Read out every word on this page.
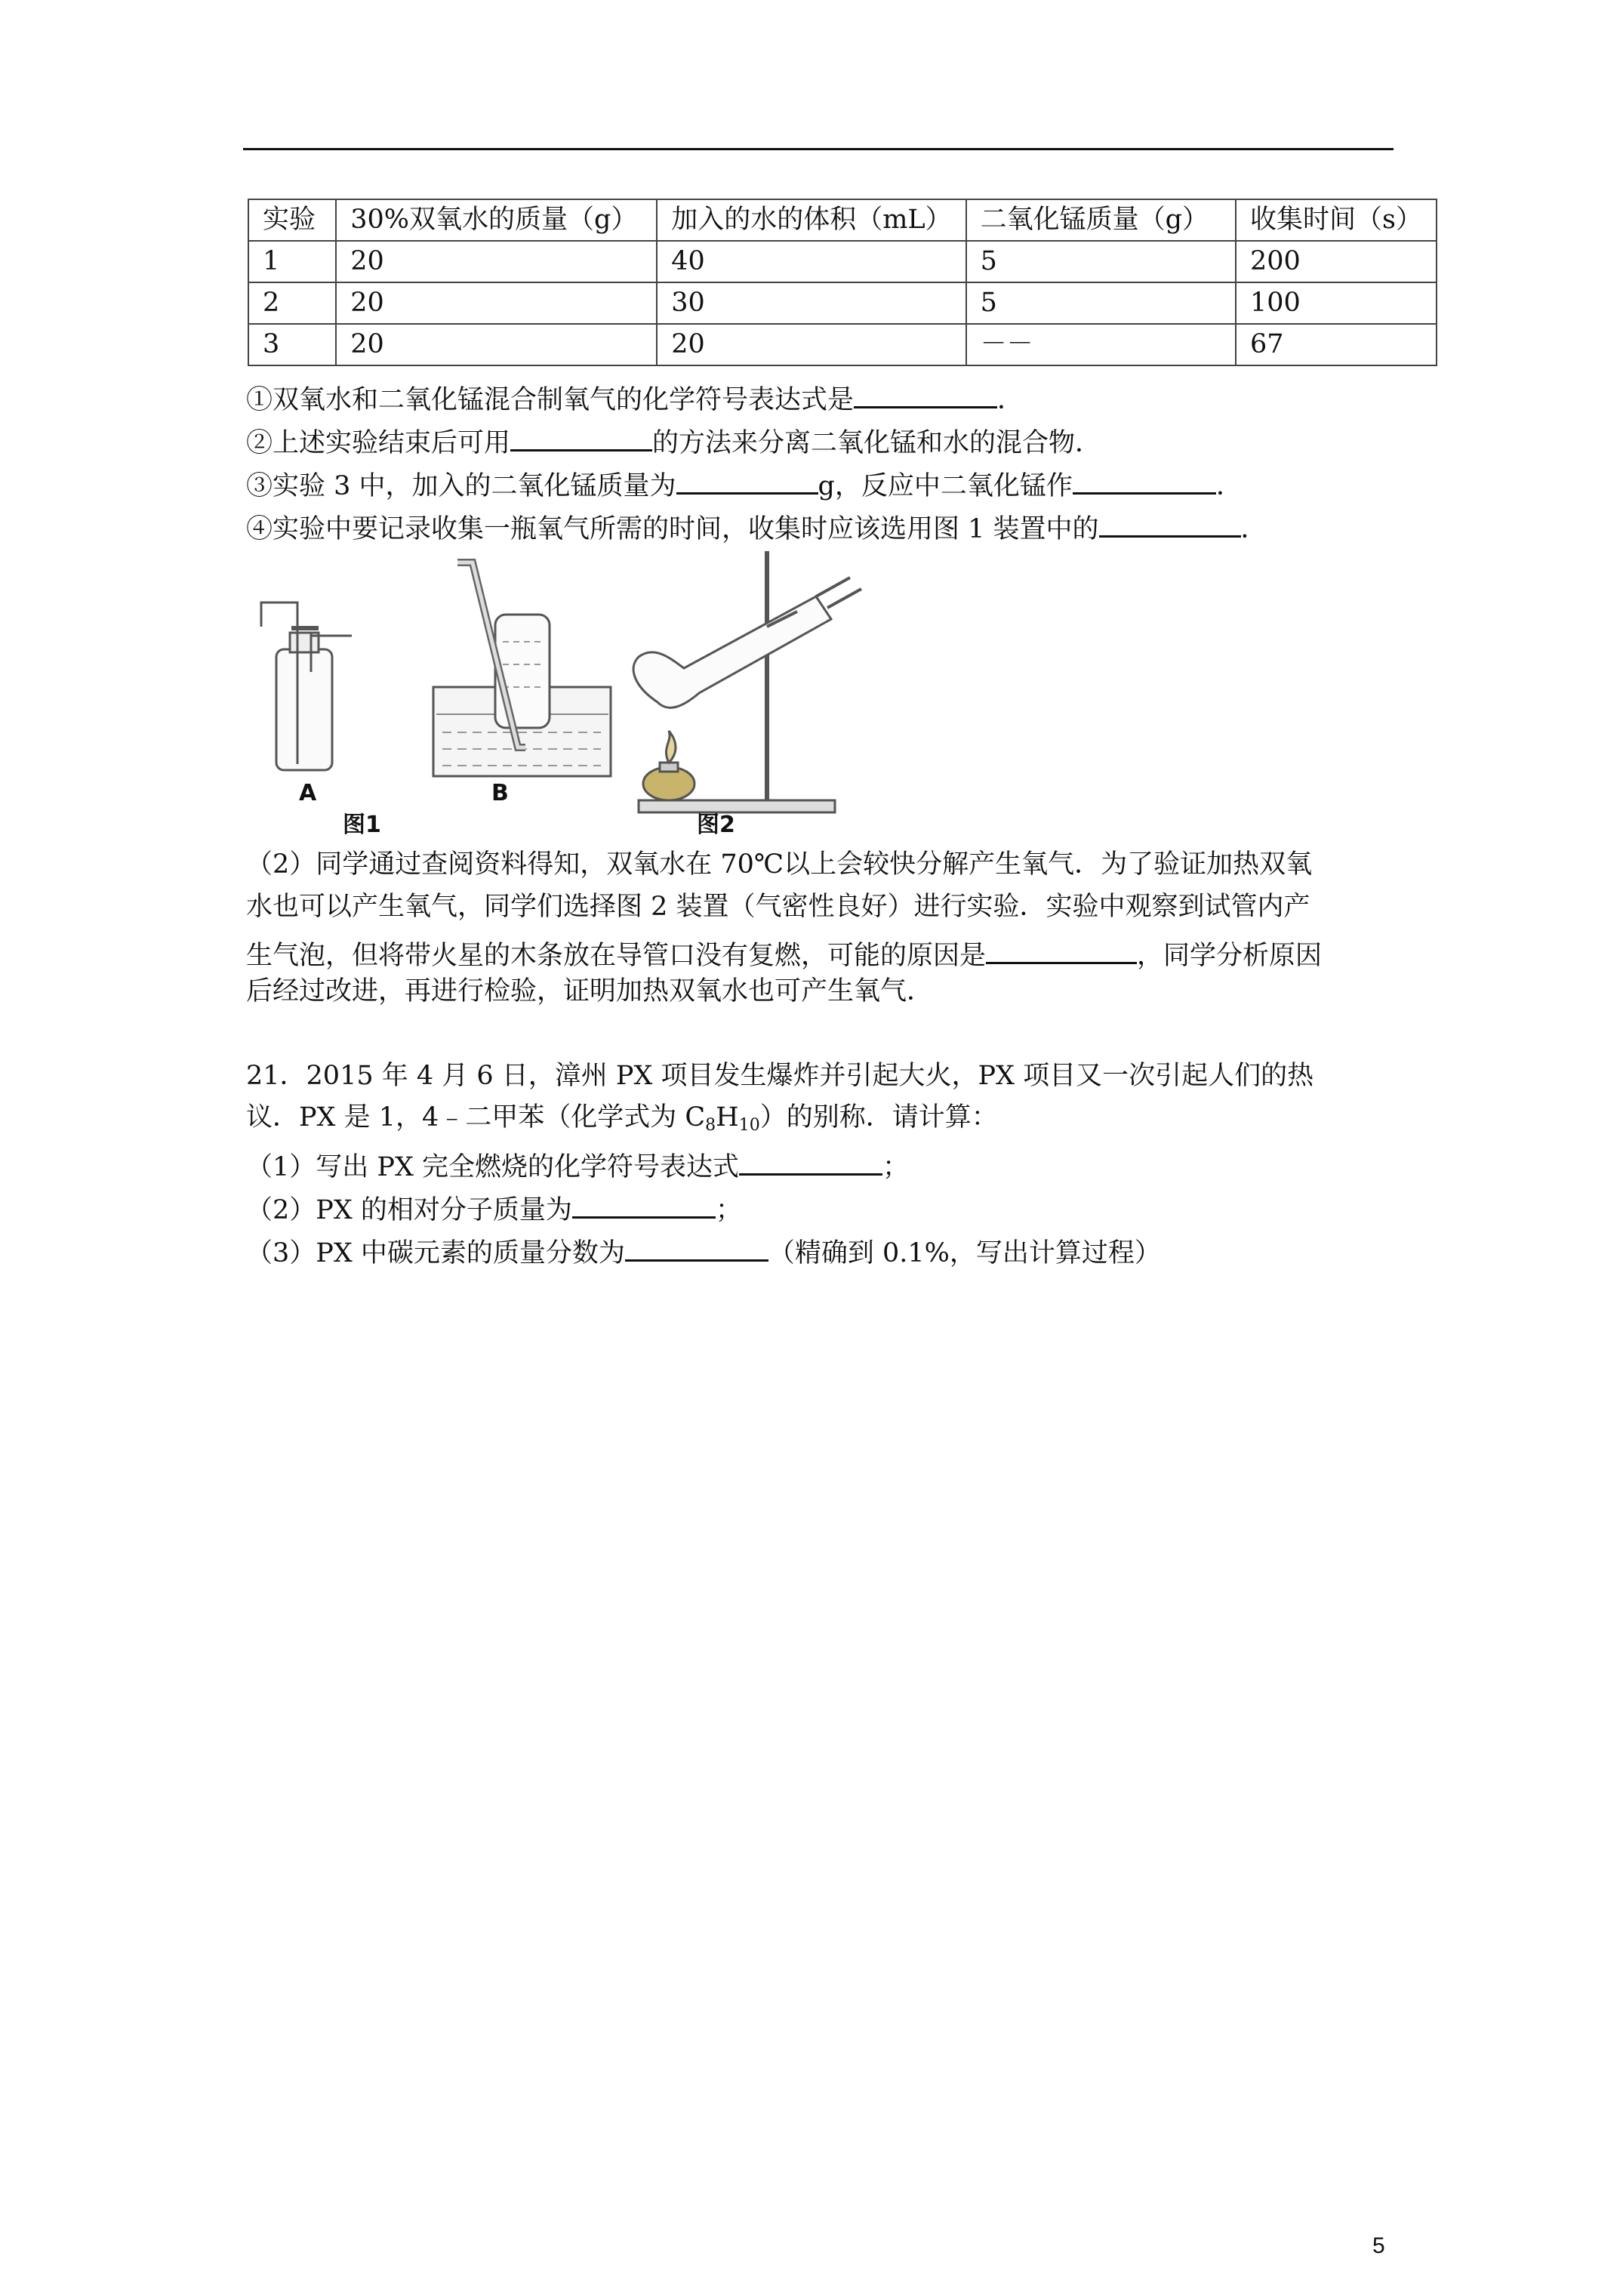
实验	30%双氧水的质量（g）	加入的水的体积（mL）	二氧化锰质量（g）	收集时间（s）
1	20	40	5	200
2	20	30	5	100
3	20	20	－－	67
①双氧水和二氧化锰混合制氧气的化学符号表达式是	．
②上述实验结束后可用	的方法来分离二氧化锰和水的混合物．
③实验 3 中，加入的二氧化锰质量为	g，反应中二氧化锰作	．
④实验中要记录收集一瓶氧气所需的时间，收集时应该选用图 1 装置中的	．
A	B
图1	图2
（2）同学通过查阅资料得知，双氧水在 70℃以上会较快分解产生氧气．为了验证加热双氧
水也可以产生氧气，同学们选择图 2 装置（气密性良好）进行实验．实验中观察到试管内产
生气泡，但将带火星的木条放在导管口没有复燃，可能的原因是	，同学分析原因
后经过改进，再进行检验，证明加热双氧水也可产生氧气．
21．2015 年 4 月 6 日，漳州 PX 项目发生爆炸并引起大火，PX 项目又一次引起人们的热
议．PX 是 1，4﹣二甲苯（化学式为 $C_8H_{10}$）的别称．请计算：
（1）写出 PX 完全燃烧的化学符号表达式	；
（2）PX 的相对分子质量为	；
（3）PX 中碳元素的质量分数为	（精确到 0.1%，写出计算过程）
5
